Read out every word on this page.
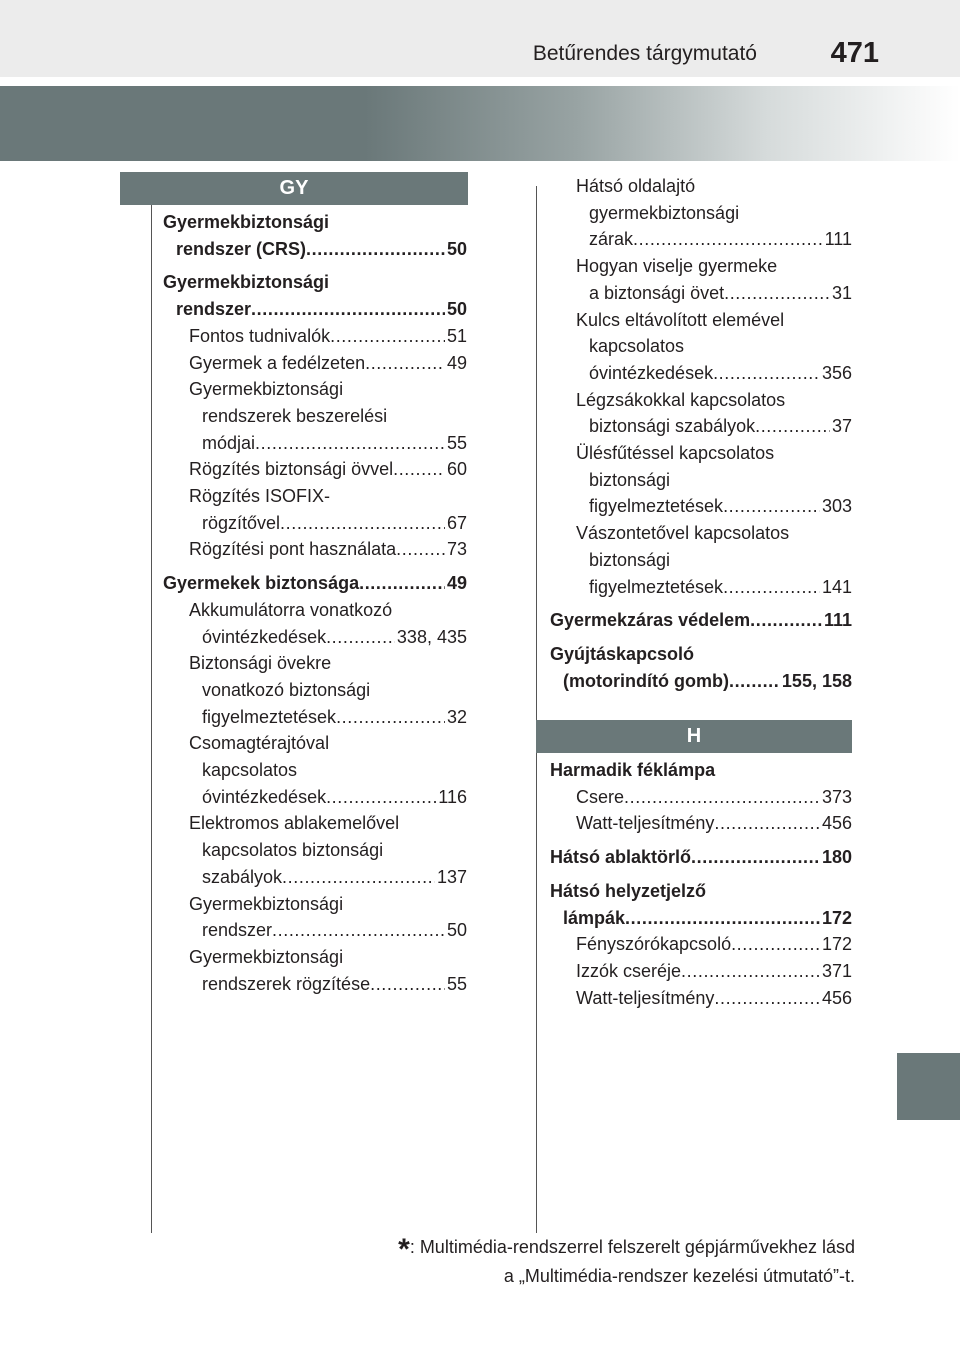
Betűrendes tárgymutató	471
GY
H
Gyermekbiztonsági
rendszer (CRS) .....	50
Gyermekbiztonsági
rendszer .....	50
Fontos tudnivalók .....	51
Gyermek a fedélzeten .....	49
Gyermekbiztonsági
rendszerek beszerelési
módjai .....	55
Rögzítés biztonsági övvel .....	60
Rögzítés ISOFIX-
rögzítővel .....	67
Rögzítési pont használata .....	73
Gyermekek biztonsága .....	49
Akkumulátorra vonatkozó
óvintézkedések .....	338, 435
Biztonsági övekre
vonatkozó biztonsági
figyelmeztetések .....	32
Csomagtérajtóval
kapcsolatos
óvintézkedések .....	116
Elektromos ablakemelővel
kapcsolatos biztonsági
szabályok .....	137
Gyermekbiztonsági
rendszer .....	50
Gyermekbiztonsági
rendszerek rögzítése .....	55
Hátsó oldalajtó
gyermekbiztonsági
zárak .....	111
Hogyan viselje gyermeke
a biztonsági övet .....	31
Kulcs eltávolított elemével
kapcsolatos
óvintézkedések .....	356
Légzsákokkal kapcsolatos
biztonsági szabályok .....	37
Ülésfűtéssel kapcsolatos
biztonsági
figyelmeztetések .....	303
Vászontetővel kapcsolatos
biztonsági
figyelmeztetések .....	141
Gyermekzáras védelem .....	111
Gyújtáskapcsoló
(motorindító gomb) .....	155, 158
Harmadik féklámpa
Csere .....	373
Watt-teljesítmény .....	456
Hátsó ablaktörlő .....	180
Hátsó helyzetjelző
lámpák .....	172
Fényszórókapcsoló .....	172
Izzók cseréje .....	371
Watt-teljesítmény .....	456
*: Multimédia-rendszerrel felszerelt gépjárművekhez lásd
a „Multimédia-rendszer kezelési útmutató”-t.
